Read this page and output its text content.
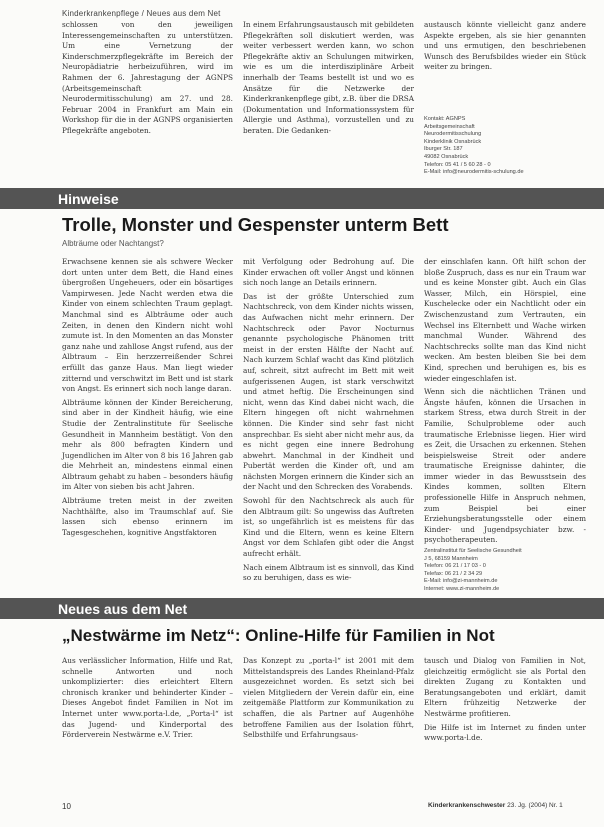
Kinderkrankenpflege / Neues aus dem Net

schlossen von den jeweiligen Interessengemeinschaften zu unterstützen. Um eine Vernetzung der Kinderschmerzpflegekräfte im Bereich der Neuropädiatrie herbeizuführen, wird im Rahmen der 6. Jahrestagung der AGNPS (Arbeitsgemeinschaft Neurodermitisschulung) am 27. und 28. Februar 2004 in Frankfurt am Main ein Workshop für die in der AGNPS organisierten Pflegekräfte angeboten.

In einem Erfahrungsaustausch mit gebildeten Pflegekräften soll diskutiert werden, was weiter verbessert werden kann, wo schon Pflegekräfte aktiv an Schulungen mitwirken, wie es um die interdisziplinäre Arbeit innerhalb der Teams bestellt ist und wo es Ansätze für die Netzwerke der Kinderkrankenpflege gibt, z.B. über die DRSA (Dokumentation und Informationssystem für Allergie und Asthma), vorzustellen und zu beraten. Die Gedanken-

austausch könnte vielleicht ganz andere Aspekte ergeben, als sie hier genannten und uns ermutigen, den beschriebenen Wunsch des Berufsbildes wieder ein Stück weiter zu bringen.

Kontakt: AGNPS
Arbeitsgemeinschaft
Neurodermitisschulung
Kinderklinik Osnabrück
Iburger Str. 187
49082 Osnabrück
Telefon: 05 41 / 5 60 28 - 0
E-Mail: info@neurodermitis-schulung.de
Hinweise
Trolle, Monster und Gespenster unterm Bett
Albträume oder Nachtangst?

Erwachsene kennen sie als schwere Wecker dort unten unter dem Bett, die Hand eines übergroßen Ungeheuers, oder ein bösartiges Vampirwesen. Jede Nacht werden etwa die Kinder von einem schlechten Traum geplagt. Manchmal sind es Albträume oder auch Zeiten, in denen den Kindern nicht wohl zumute ist. In den Momenten an das Monster ganz nahe und zahllose Angst rufend, aus der Albtraum – Ein herzzerreißender Schrei erfüllt das ganze Haus. Man liegt wieder zitternd und verschwitzt im Bett und ist stark von Angst. Es erinnert sich noch lange daran.

Albträume können der Kinder Bereicherung, sind aber in der Kindheit häufig, wie eine Studie der Zentralinstitute für Seelische Gesundheit in Mannheim bestätigt. Von den mehr als 800 befragten Kindern und Jugendlichen im Alter von 8 bis 16 Jahren gab die Mehrheit an, mindestens einmal einen Albtraum gehabt zu haben – besonders häufig im Alter von sieben bis acht Jahren.

Albträume treten meist in der zweiten Nachthälfte, also im Traumschlaf auf. Sie lassen sich ebenso erinnern im Tagesgeschehen, kognitive Angstfaktoren

mit Verfolgung oder Bedrohung auf. Die Kinder erwachen oft voller Angst und können sich noch lange an Details erinnern.

Das ist der größte Unterschied zum Nachtschreck, von dem Kinder nichts wissen, das Aufwachen nicht mehr erinnern. Der Nachtschreck oder Pavor Nocturnus genannte psychologische Phänomen tritt meist in der ersten Hälfte der Nacht auf. Nach kurzem Schlaf wacht das Kind plötzlich auf, schreit, sitzt aufrecht im Bett mit weit aufgerissenen Augen, ist stark verschwitzt und atmet heftig. Die Erscheinungen sind nicht, wenn das Kind dabei nicht wach, die Eltern hingegen oft nicht wahrnehmen können. Die Kinder sind sehr fast nicht ansprechbar. Es sieht aber nicht mehr aus, da es nicht gegen eine innere Bedrohung abwehrt. Manchmal in der Kindheit und Pubertät werden die Kinder oft, und am nächsten Morgen erinnern die Kinder sich an der Nacht und den Schrecken des Vorabends.

Sowohl für den Nachtschreck als auch für den Albtraum gilt: So ungewiss das Auftreten ist, so ungefährlich ist es meistens für das Kind und die Eltern, wenn es keine Eltern Angst vor dem Schlafen gibt oder die Angst aufrecht erhält.

Nach einem Albtraum ist es sinnvoll, das Kind so zu beruhigen, dass es wie-

der einschlafen kann. Oft hilft schon der bloße Zuspruch, dass es nur ein Traum war und es keine Monster gibt. Auch ein Glas Wasser, Milch, ein Hörspiel, eine Kuschelecke oder ein Nachtlicht oder ein Zwischenzustand zum Vertrauten, ein Wechsel ins Elternbett und Wache wirken manchmal Wunder. Während des Nachtschrecks sollte man das Kind nicht wecken. Am besten bleiben Sie bei dem Kind, sprechen und beruhigen es, bis es wieder eingeschlafen ist.

Wenn sich die nächtlichen Tränen und Ängste häufen, können die Ursachen in starkem Stress, etwa durch Streit in der Familie, Schulprobleme oder auch traumatische Erlebnisse liegen. Hier wird es Zeit, die Ursachen zu erkennen. Stehen beispielsweise Streit oder andere traumatische Ereignisse dahinter, die immer wieder in das Bewusstsein des Kindes kommen, sollten Eltern professionelle Hilfe in Anspruch nehmen, zum Beispiel bei einer Erziehungsberatungsstelle oder einem Kinder- und Jugendpsychiater bzw. -psychotherapeuten.

Zentralinstitut für Seelische Gesundheit
J 5, 68159 Mannheim
Telefon: 06 21 / 17 03 - 0
Telefax: 06 21 / 2 34 29
E-Mail: info@zi-mannheim.de
Internet: www.zi-mannheim.de
Neues aus dem Net
„Nestwärme im Netz“: Online-Hilfe für Familien in Not

Aus verlässlicher Information, Hilfe und Rat, schnelle Antworten und noch unkomplizierter: dies erleichtert Eltern chronisch kranker und behinderter Kinder – Dieses Angebot findet Familien in Not im Internet unter www.porta-l.de, „Porta-l“ ist das Jugend- und Kinderportal des Förderverein Nestwärme e.V. Trier.

Das Konzept zu „porta-l“ ist 2001 mit dem Mittelstandspreis des Landes Rheinland-Pfalz ausgezeichnet worden. Es setzt sich bei vielen Mitgliedern der Verein dafür ein, eine zeitgemäße Plattform zur Kommunikation zu schaffen, die als Partner auf Augenhöhe betroffene Familien aus der Isolation führt, Selbsthilfe und Erfahrungsaus-

tausch und Dialog von Familien in Not, gleichzeitig ermöglicht sie als Portal den direkten Zugang zu Kontakten und Beratungsangeboten und erklärt, damit Eltern frühzeitig Netzwerke der Nestwärme profitieren.

Die Hilfe ist im Internet zu finden unter www.porta-l.de.

10	Kinderkrankenschwester 23. Jg. (2004) Nr. 1
